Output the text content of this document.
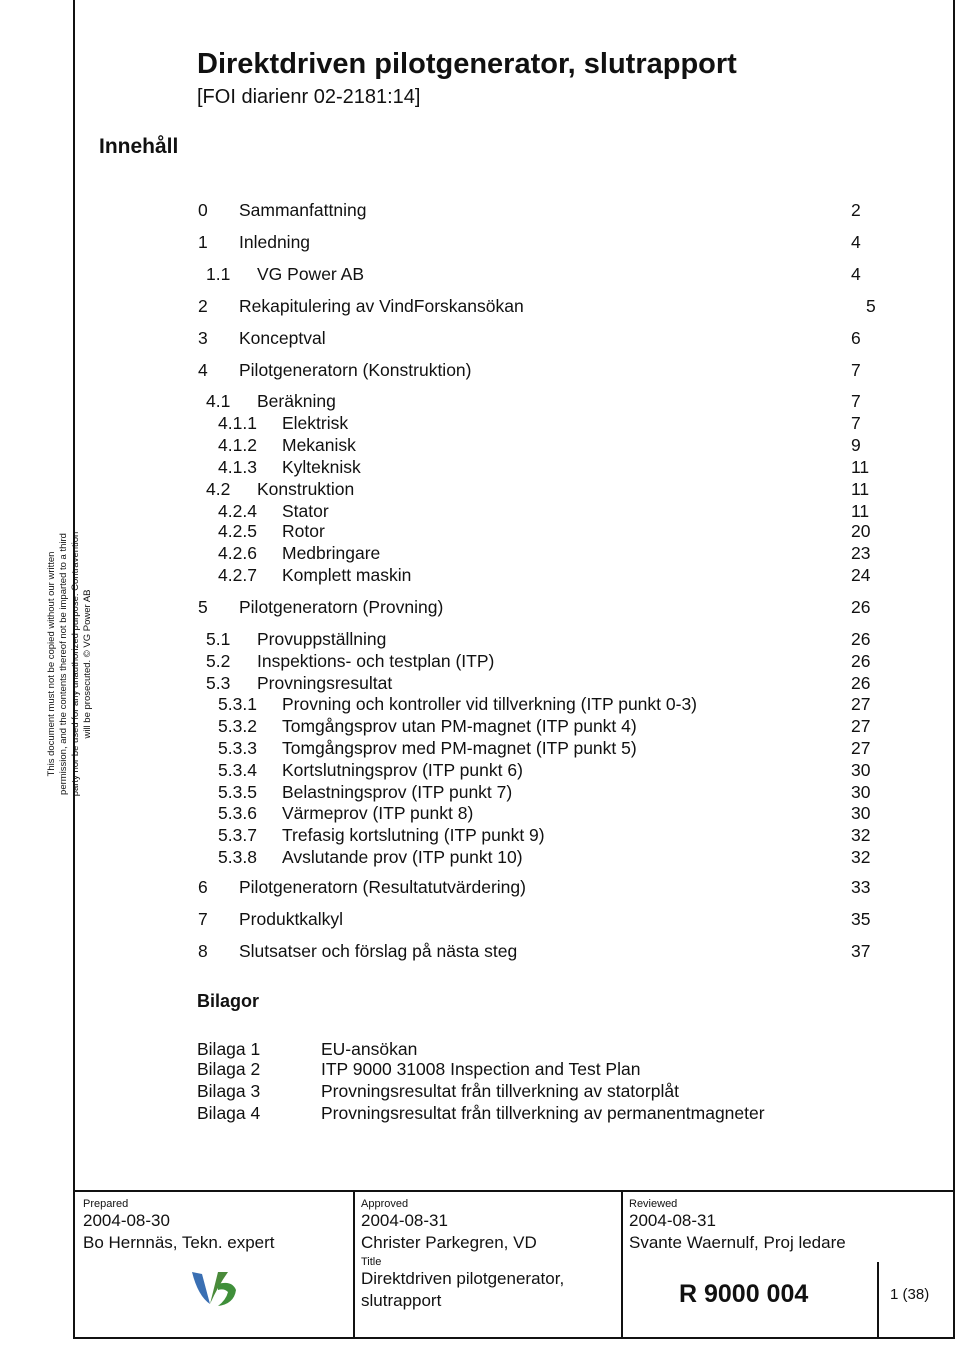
This document must not be copied without our written permission, and the contents thereof not be imparted to a third party nor be used for any unauthorized purpose. Contravention will be prosecuted. © VG Power AB
Direktdriven pilotgenerator, slutrapport
[FOI diarienr 02-2181:14]
Innehåll
0 Sammanfattning	2
1 Inledning	4
1.1 VG Power AB	4
2 Rekapitulering av VindForskansökan	5
3 Konceptval	6
4 Pilotgeneratorn (Konstruktion)	7
4.1 Beräkning	7
4.1.1 Elektrisk	7
4.1.2 Mekanisk	9
4.1.3 Kylteknisk	11
4.2 Konstruktion	11
4.2.4 Stator	11
4.2.5 Rotor	20
4.2.6 Medbringare	23
4.2.7 Komplett maskin	24
5 Pilotgeneratorn (Provning)	26
5.1 Provuppställning	26
5.2 Inspektions- och testplan (ITP)	26
5.3 Provningsresultat	26
5.3.1 Provning och kontroller vid tillverkning (ITP punkt 0-3)	27
5.3.2 Tomgångsprov utan PM-magnet (ITP punkt 4)	27
5.3.3 Tomgångsprov med PM-magnet (ITP punkt 5)	27
5.3.4 Kortslutningsprov (ITP punkt 6)	30
5.3.5 Belastningsprov (ITP punkt 7)	30
5.3.6 Värmeprov (ITP punkt 8)	30
5.3.7 Trefasig kortslutning (ITP punkt 9)	32
5.3.8 Avslutande prov (ITP punkt 10)	32
6 Pilotgeneratorn (Resultatutvärdering)	33
7 Produktkalkyl	35
8 Slutsatser och förslag på nästa steg	37
Bilagor
Bilaga 1	EU-ansökan
Bilaga 2	ITP 9000 31008 Inspection and Test Plan
Bilaga 3	Provningsresultat från tillverkning av statorplåt
Bilaga 4	Provningsresultat från tillverkning av permanentmagneter
Prepared
2004-08-30
Bo Hernnäs, Tekn. expert
Approved
2004-08-31
Christer Parkegren, VD
Reviewed
2004-08-31
Svante Waernulf, Proj ledare
Title
Direktdriven pilotgenerator,
slutrapport	R 9000 004	1 (38)
